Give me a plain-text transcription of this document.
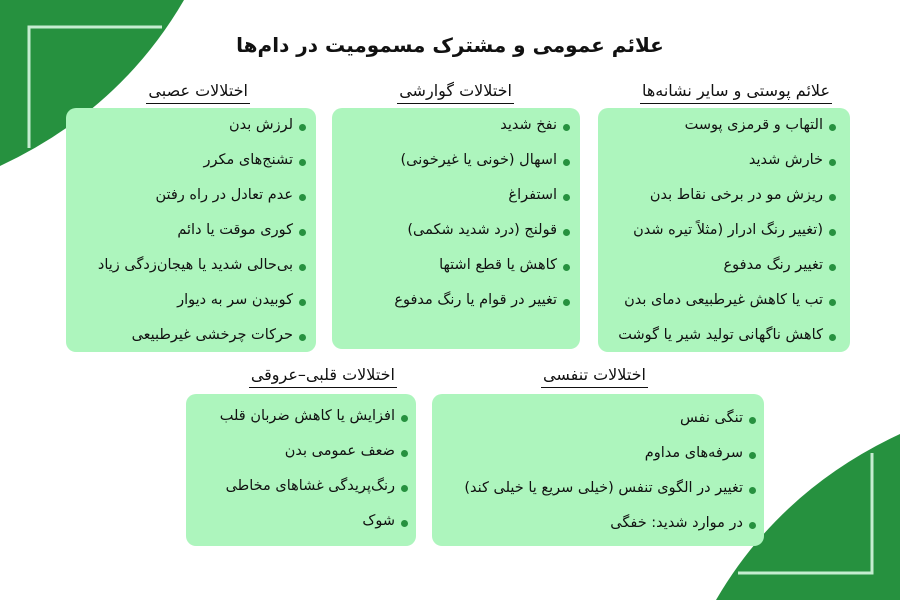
علائم عمومی و مشترک مسمومیت در دام‌ها
علائم پوستی و سایر نشانه‌ها
التهاب و قرمزی پوست
خارش شدید
ریزش مو در برخی نقاط بدن
(تغییر رنگ ادرار (مثلاً تیره شدن
تغییر رنگ مدفوع
تب یا کاهش غیرطبیعی دمای بدن
کاهش ناگهانی تولید شیر یا گوشت
اختلالات گوارشی
نفخ شدید
اسهال (خونی یا غیرخونی)
استفراغ
قولنج (درد شدید شکمی)
کاهش یا قطع اشتها
تغییر در قوام یا رنگ مدفوع
اختلالات عصبی
لرزش بدن
تشنج‌های مکرر
عدم تعادل در راه رفتن
کوری موقت یا دائم
بی‌حالی شدید یا هیجان‌زدگی زیاد
کوبیدن سر به دیوار
حرکات چرخشی غیرطبیعی
اختلالات تنفسی
تنگی نفس
سرفه‌های مداوم
تغییر در الگوی تنفس (خیلی سریع یا خیلی کند)
در موارد شدید: خفگی
اختلالات قلبی–عروقی
افزایش یا کاهش ضربان قلب
ضعف عمومی بدن
رنگ‌پریدگی غشاهای مخاطی
شوک
